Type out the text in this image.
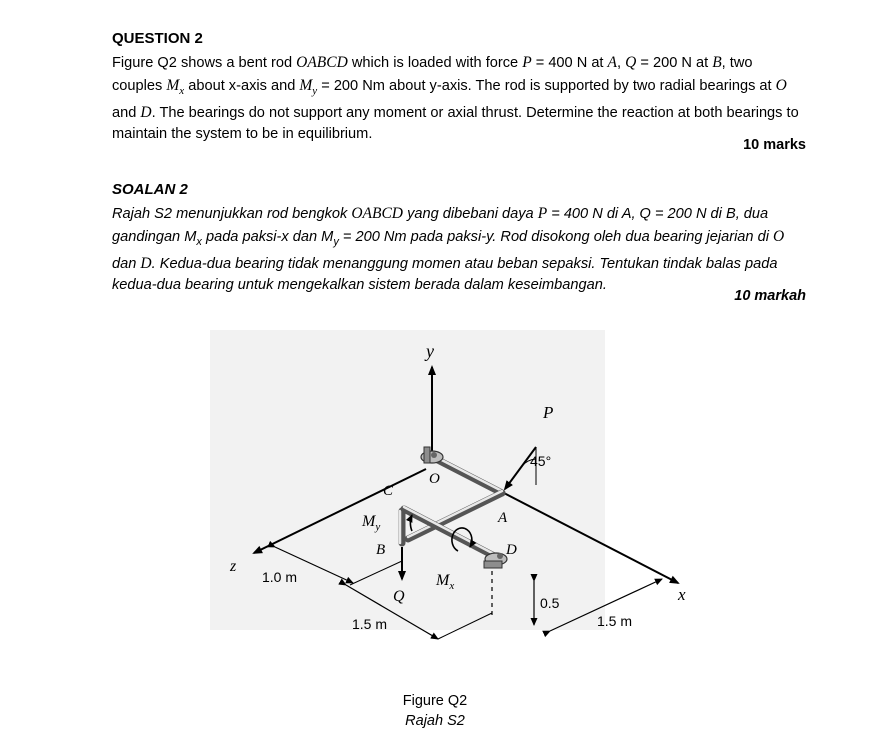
QUESTION 2
Figure Q2 shows a bent rod OABCD which is loaded with force P = 400 N at A, Q = 200 N at B, two couples $M_x$ about x-axis and $M_y = 200$ Nm about y-axis. The rod is supported by two radial bearings at O and D. The bearings do not support any moment or axial thrust. Determine the reaction at both bearings to maintain the system to be in equilibrium.
10 marks
SOALAN 2
Rajah S2 menunjukkan rod bengkok OABCD yang dibebani daya P = 400 N di A, Q = 200 N di B, dua gandingan $M_x$ pada paksi-x dan $M_y = 200$ Nm pada paksi-y. Rod disokong oleh dua bearing jejarian di O dan D. Kedua-dua bearing tidak menanggung momen atau beban sepaksi. Tentukan tindak balas pada kedua-dua bearing untuk mengekalkan sistem berada dalam keseimbangan.
10 markah
y
x
z
O
D
P
45°
A
C
B
$M_y$
Q
$M_x$
1.0 m
1.5 m
0.5
1.5 m
Figure Q2
Rajah S2
